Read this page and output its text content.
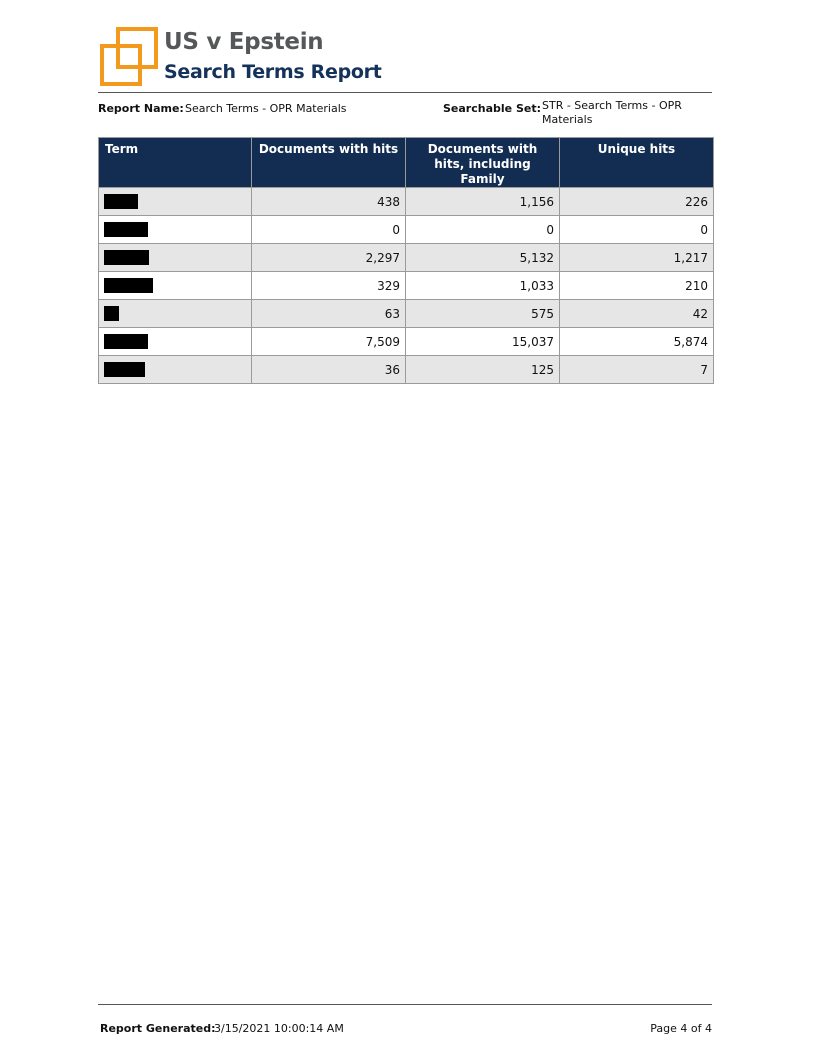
US v Epstein
Search Terms Report
Report Name: Search Terms - OPR Materials	Searchable Set: STR - Search Terms - OPR Materials
Term	Documents with hits	Documents with hits, including Family	Unique hits
	438	1,156	226
	0	0	0
	2,297	5,132	1,217
	329	1,033	210
	63	575	42
	7,509	15,037	5,874
	36	125	7
Report Generated:
3/15/2021 10:00:14 AM	Page 4 of 4
